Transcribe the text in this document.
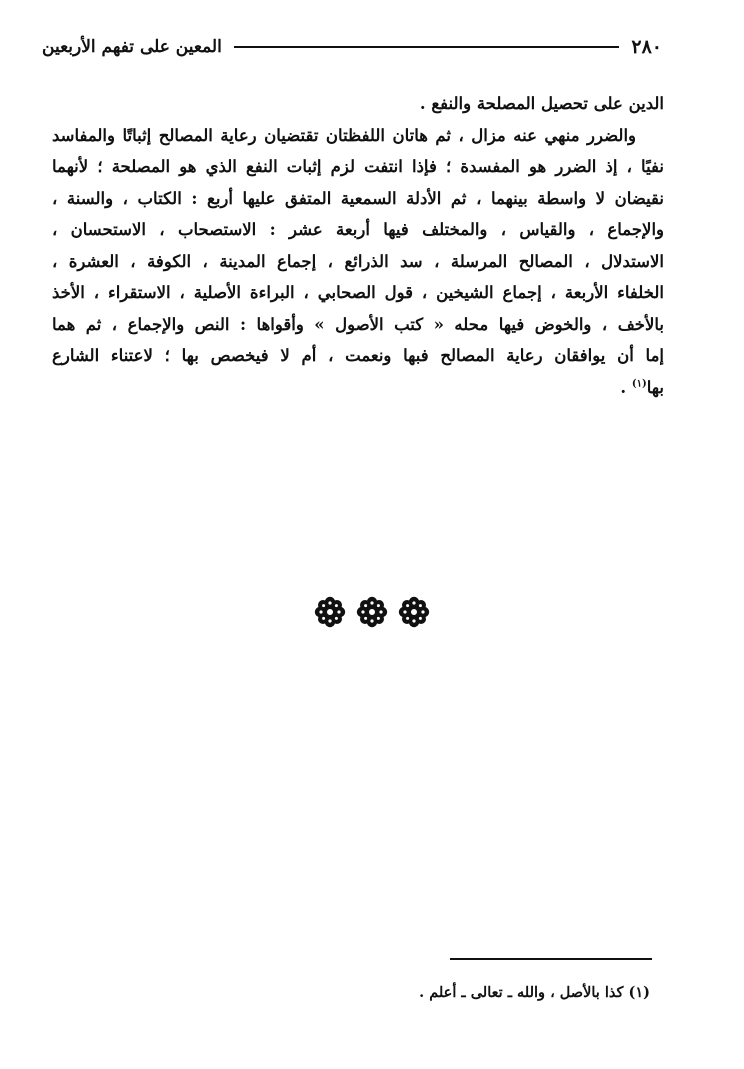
٢٨٠
المعين على تفهم الأربعين
الدين على تحصيل المصلحة والنفع .
والضرر منهي عنه مزال ، ثم هاتان اللفظتان تقتضيان رعاية المصالح إثباتًا والمفاسد
نفيًا ، إذ الضرر هو المفسدة ؛ فإذا انتفت لزم إثبات النفع الذي هو المصلحة ؛ لأنهما
نقيضان لا واسطة بينهما ، ثم الأدلة السمعية المتفق عليها أربع : الكتاب ، والسنة ،
والإجماع ، والقياس ، والمختلف فيها أربعة عشر : الاستصحاب ، الاستحسان ،
الاستدلال ، المصالح المرسلة ، سد الذرائع ، إجماع المدينة ، الكوفة ، العشرة ،
الخلفاء الأربعة ، إجماع الشيخين ، قول الصحابي ، البراءة الأصلية ، الاستقراء ، الأخذ
بالأخف ، والخوض فيها محله « كتب الأصول » وأقواها : النص والإجماع ، ثم هما
إما أن يوافقان رعاية المصالح فبها ونعمت ، أم لا فيخصص بها ؛ لاعتناء الشارع
بها$^{(١)}$ .
(١) كذا بالأصل ، والله ـ تعالى ـ أعلم .
